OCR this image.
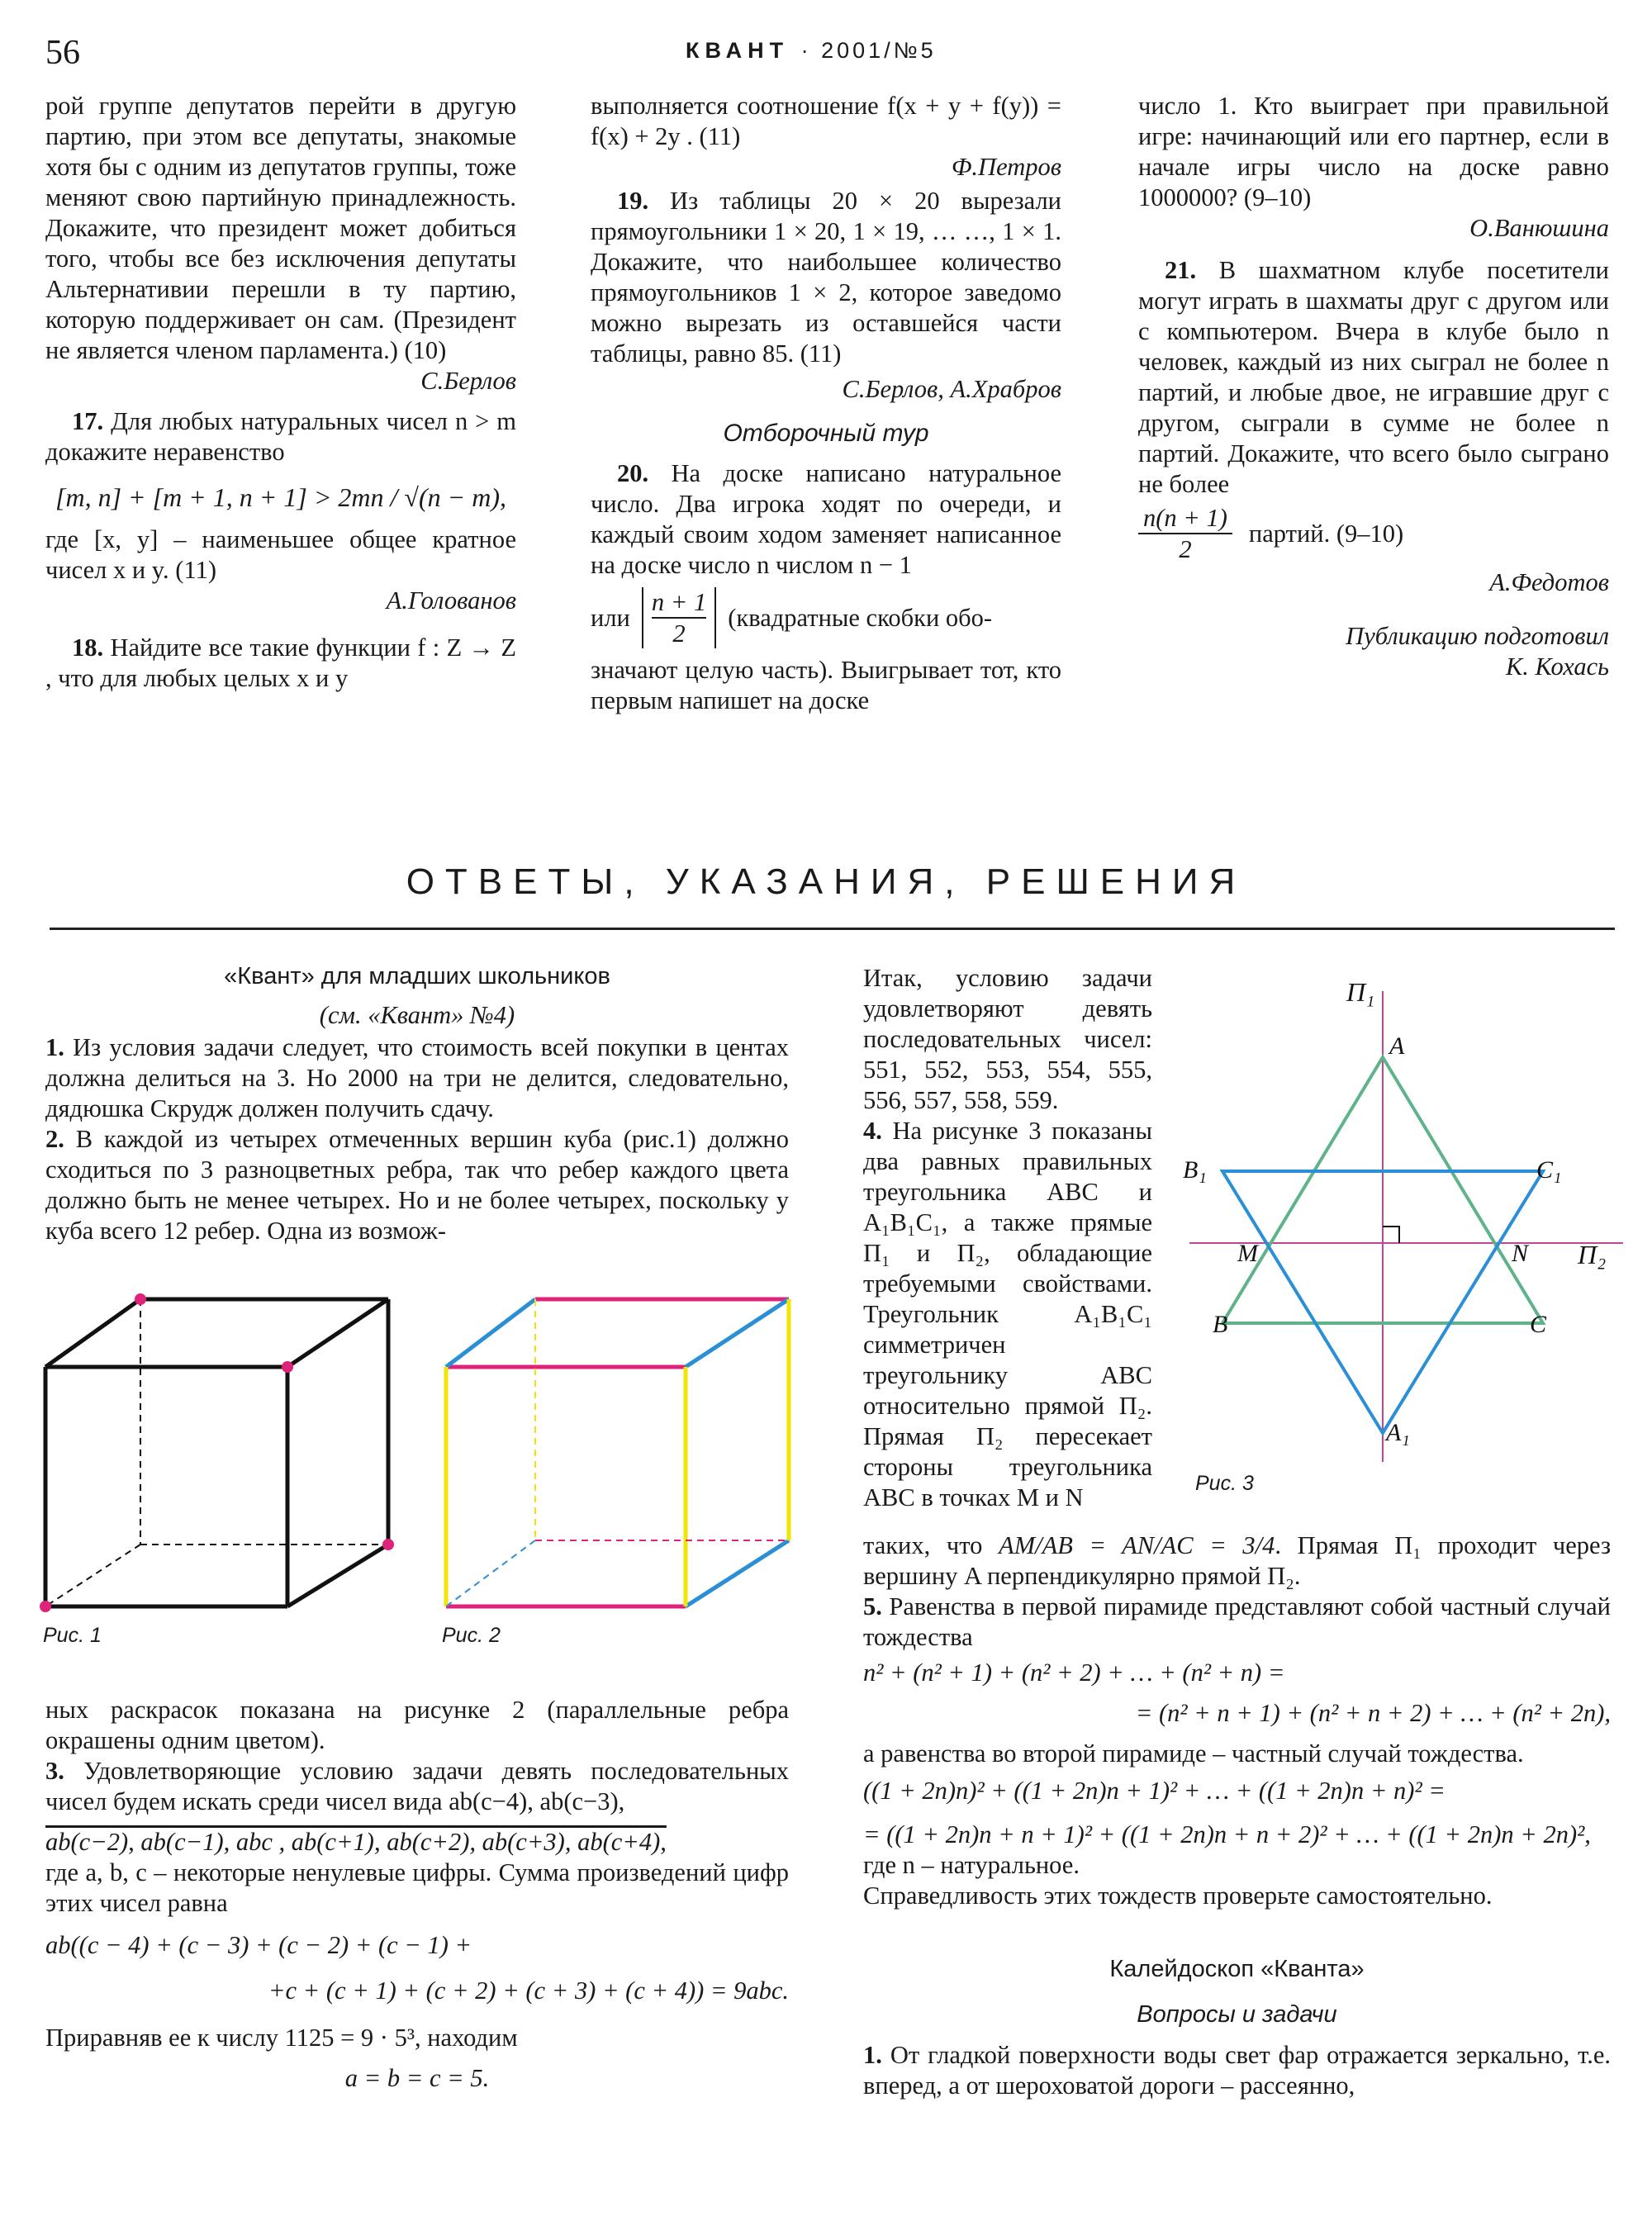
56	КВАНТ · 2001/№5

рой группе депутатов перейти в другую партию, при этом все депутаты, знакомые хотя бы с одним из депутатов группы, тоже меняют свою партийную принадлежность. Докажите, что президент может добиться того, чтобы все без исключения депутаты Альтернативии перешли в ту партию, которую поддерживает он сам. (Президент не является членом парламента.) (10)

С.Берлов

17. Для любых натуральных чисел n > m докажите неравенство

[m, n] + [m + 1, n + 1] > 2mn / √(n − m),

где [x, y] – наименьшее общее кратное чисел x и y. (11)

А.Голованов

18. Найдите все такие функции f : Z → Z , что для любых целых x и y

выполняется соотношение f(x + y + f(y)) = f(x) + 2y . (11)

Ф.Петров

19. Из таблицы 20 × 20 вырезали прямоугольники 1 × 20, 1 × 19, … …, 1 × 1. Докажите, что наибольшее количество прямоугольников 1 × 2, которое заведомо можно вырезать из оставшейся части таблицы, равно 85. (11)

С.Берлов, А.Храбров

Отборочный тур

20. На доске написано натуральное число. Два игрока ходят по очереди, и каждый своим ходом заменяет написанное на доске число n числом n − 1

или $\frac{n + 1}{2}$ (квадратные скобки обо-

значают целую часть). Выигрывает тот, кто первым напишет на доске

число 1. Кто выиграет при правильной игре: начинающий или его партнер, если в начале игры число на доске равно 1000000? (9–10)

О.Ванюшина

21. В шахматном клубе посетители могут играть в шахматы друг с другом или с компьютером. Вчера в клубе было n человек, каждый из них сыграл не более n партий, и любые двое, не игравшие друг с другом, сыграли в сумме не более n партий. Докажите, что всего было сыграно не более

$\frac{n(n + 1)}{2}$ партий. (9–10)

А.Федотов

Публикацию подготовил

К. Кохась

ОТВЕТЫ, УКАЗАНИЯ, РЕШЕНИЯ

«Квант» для младших школьников

(см. «Квант» №4)

1. Из условия задачи следует, что стоимость всей покупки в центах должна делиться на 3. Но 2000 на три не делится, следовательно, дядюшка Скрудж должен получить сдачу.

2. В каждой из четырех отмеченных вершин куба (рис.1) должно сходиться по 3 разноцветных ребра, так что ребер каждого цвета должно быть не менее четырех. Но и не более четырех, поскольку у куба всего 12 ребер. Одна из возмож-

Рис. 1	Рис. 2

ных раскрасок показана на рисунке 2 (параллельные ребра окрашены одним цветом).

3. Удовлетворяющие условию задачи девять последовательных чисел будем искать среди чисел вида ab(c−4), ab(c−3),

ab(c−2), ab(c−1), abc , ab(c+1), ab(c+2), ab(c+3), ab(c+4),

где a, b, c – некоторые ненулевые цифры. Сумма произведений цифр этих чисел равна

ab((c − 4) + (c − 3) + (c − 2) + (c − 1) +

+c + (c + 1) + (c + 2) + (c + 3) + (c + 4)) = 9abc.

Приравняв ее к числу 1125 = 9 · 5³, находим

a = b = c = 5.

Итак, условию задачи удовлетворяют девять последовательных чисел: 551, 552, 553, 554, 555, 556, 557, 558, 559.

4. На рисунке 3 показаны два равных правильных треугольника ABC и A₁B₁C₁, а также прямые Π₁ и Π₂, обладающие требуемыми свойствами. Треугольник A₁B₁C₁ симметричен треугольнику ABC относительно прямой Π₂. Прямая Π₂ пересекает стороны треугольника ABC в точках M и N

Π₁
A
B₁	C₁
M	N Π₂
B	C
A₁
Рис. 3

таких, что AM/AB = AN/AC = 3/4. Прямая Π₁ проходит через вершину A перпендикулярно прямой Π₂.

5. Равенства в первой пирамиде представляют собой частный случай тождества

n² + (n² + 1) + (n² + 2) + … + (n² + n) =

= (n² + n + 1) + (n² + n + 2) + … + (n² + 2n),

а равенства во второй пирамиде – частный случай тождества.

((1 + 2n)n)² + ((1 + 2n)n + 1)² + … + ((1 + 2n)n + n)² =

= ((1 + 2n)n + n + 1)² + ((1 + 2n)n + n + 2)² + … + ((1 + 2n)n + 2n)²,

где n – натуральное.

Справедливость этих тождеств проверьте самостоятельно.

Калейдоскоп «Кванта»

Вопросы и задачи

1. От гладкой поверхности воды свет фар отражается зеркально, т.е. вперед, а от шероховатой дороги – рассеянно,
